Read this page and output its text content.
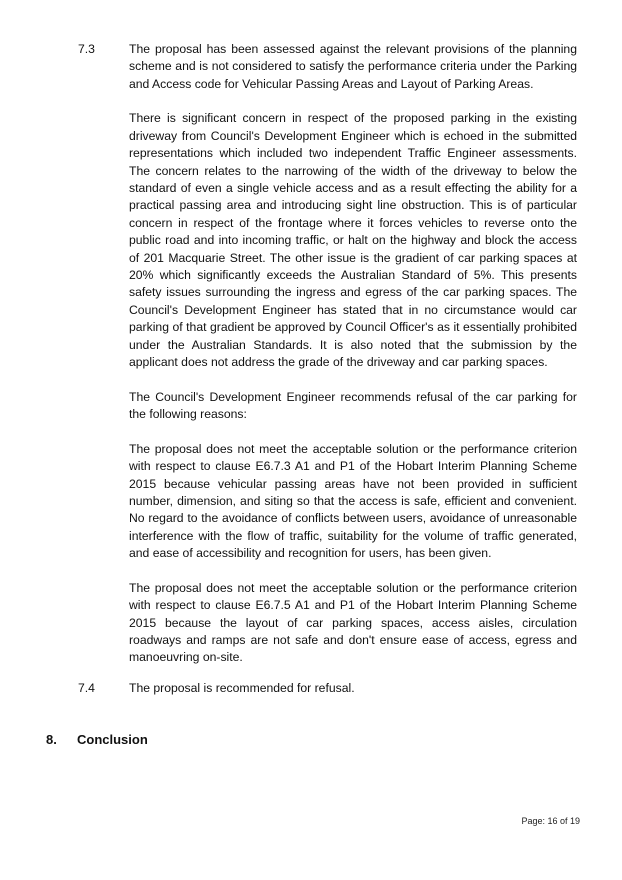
7.3	The proposal has been assessed against the relevant provisions of the planning scheme and is not considered to satisfy the performance criteria under the Parking and Access code for Vehicular Passing Areas and Layout of Parking Areas.

There is significant concern in respect of the proposed parking in the existing driveway from Council's Development Engineer which is echoed in the submitted representations which included two independent Traffic Engineer assessments. The concern relates to the narrowing of the width of the driveway to below the standard of even a single vehicle access and as a result effecting the ability for a practical passing area and introducing sight line obstruction. This is of particular concern in respect of the frontage where it forces vehicles to reverse onto the public road and into incoming traffic, or halt on the highway and block the access of 201 Macquarie Street. The other issue is the gradient of car parking spaces at 20% which significantly exceeds the Australian Standard of 5%. This presents safety issues surrounding the ingress and egress of the car parking spaces. The Council's Development Engineer has stated that in no circumstance would car parking of that gradient be approved by Council Officer's as it essentially prohibited under the Australian Standards. It is also noted that the submission by the applicant does not address the grade of the driveway and car parking spaces.

The Council's Development Engineer recommends refusal of the car parking for the following reasons:

The proposal does not meet the acceptable solution or the performance criterion with respect to clause E6.7.3 A1 and P1 of the Hobart Interim Planning Scheme 2015 because vehicular passing areas have not been provided in sufficient number, dimension, and siting so that the access is safe, efficient and convenient. No regard to the avoidance of conflicts between users, avoidance of unreasonable interference with the flow of traffic, suitability for the volume of traffic generated, and ease of accessibility and recognition for users, has been given.

The proposal does not meet the acceptable solution or the performance criterion with respect to clause E6.7.5 A1 and P1 of the Hobart Interim Planning Scheme 2015 because the layout of car parking spaces, access aisles, circulation roadways and ramps are not safe and don't ensure ease of access, egress and manoeuvring on-site.

7.4	The proposal is recommended for refusal.

8. Conclusion
Page: 16 of 19
